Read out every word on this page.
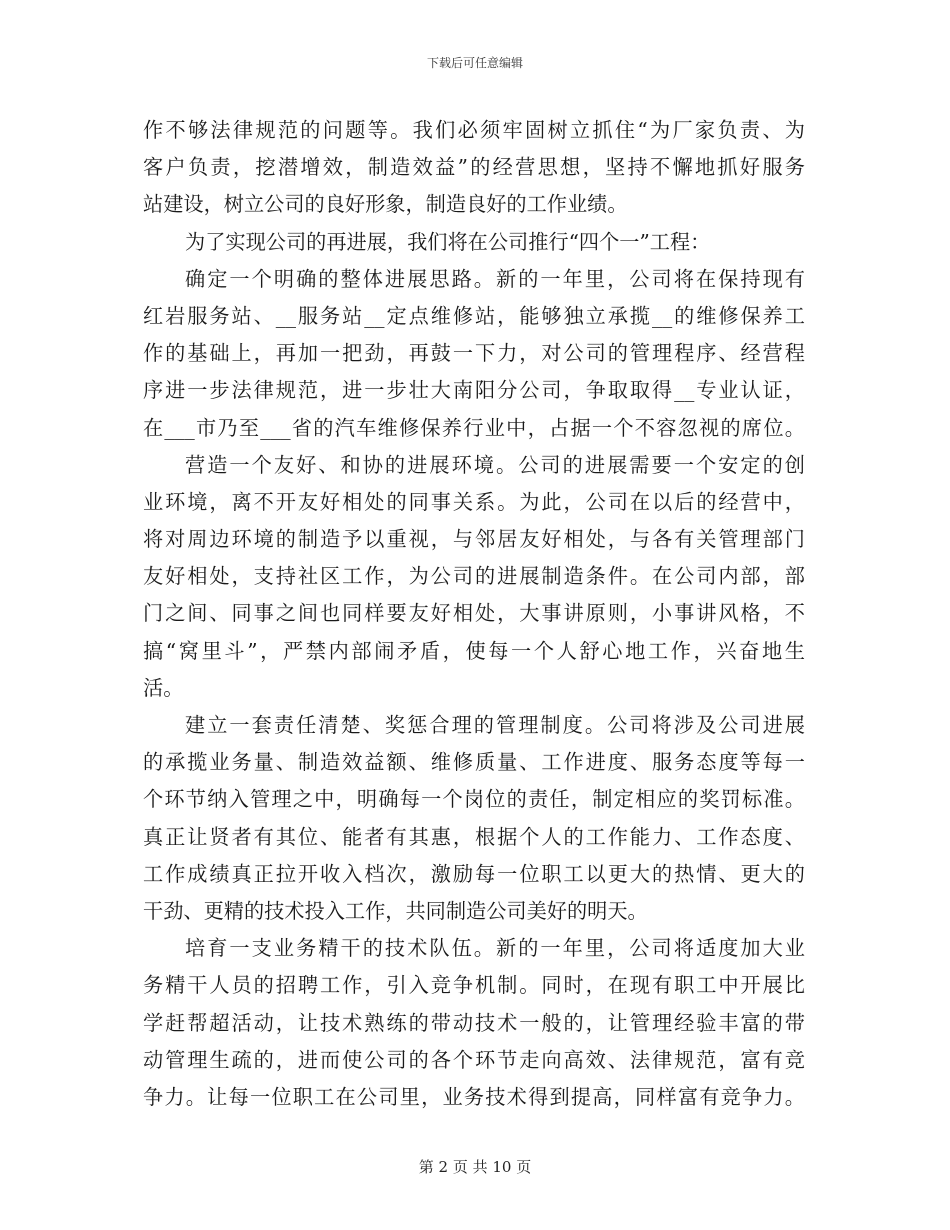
下载后可任意编辑
作不够法律规范的问题等。我们必须牢固树立抓住“为厂家负责、为
客户负责，挖潜增效，制造效益”的经营思想，坚持不懈地抓好服务
站建设，树立公司的良好形象，制造良好的工作业绩。
为了实现公司的再进展，我们将在公司推行“四个一”工程：
确定一个明确的整体进展思路。新的一年里，公司将在保持现有
红岩服务站、__服务站__定点维修站，能够独立承揽__的维修保养工
作的基础上，再加一把劲，再鼓一下力，对公司的管理程序、经营程
序进一步法律规范，进一步壮大南阳分公司，争取取得__专业认证，
在___市乃至___省的汽车维修保养行业中，占据一个不容忽视的席位。
营造一个友好、和协的进展环境。公司的进展需要一个安定的创
业环境，离不开友好相处的同事关系。为此，公司在以后的经营中，
将对周边环境的制造予以重视，与邻居友好相处，与各有关管理部门
友好相处，支持社区工作，为公司的进展制造条件。在公司内部，部
门之间、同事之间也同样要友好相处，大事讲原则，小事讲风格，不
搞“窝里斗”，严禁内部闹矛盾，使每一个人舒心地工作，兴奋地生
活。
建立一套责任清楚、奖惩合理的管理制度。公司将涉及公司进展
的承揽业务量、制造效益额、维修质量、工作进度、服务态度等每一
个环节纳入管理之中，明确每一个岗位的责任，制定相应的奖罚标准。
真正让贤者有其位、能者有其惠，根据个人的工作能力、工作态度、
工作成绩真正拉开收入档次，激励每一位职工以更大的热情、更大的
干劲、更精的技术投入工作，共同制造公司美好的明天。
培育一支业务精干的技术队伍。新的一年里，公司将适度加大业
务精干人员的招聘工作，引入竞争机制。同时，在现有职工中开展比
学赶帮超活动，让技术熟练的带动技术一般的，让管理经验丰富的带
动管理生疏的，进而使公司的各个环节走向高效、法律规范，富有竞
争力。让每一位职工在公司里，业务技术得到提高，同样富有竞争力。
第 2 页 共 10 页
